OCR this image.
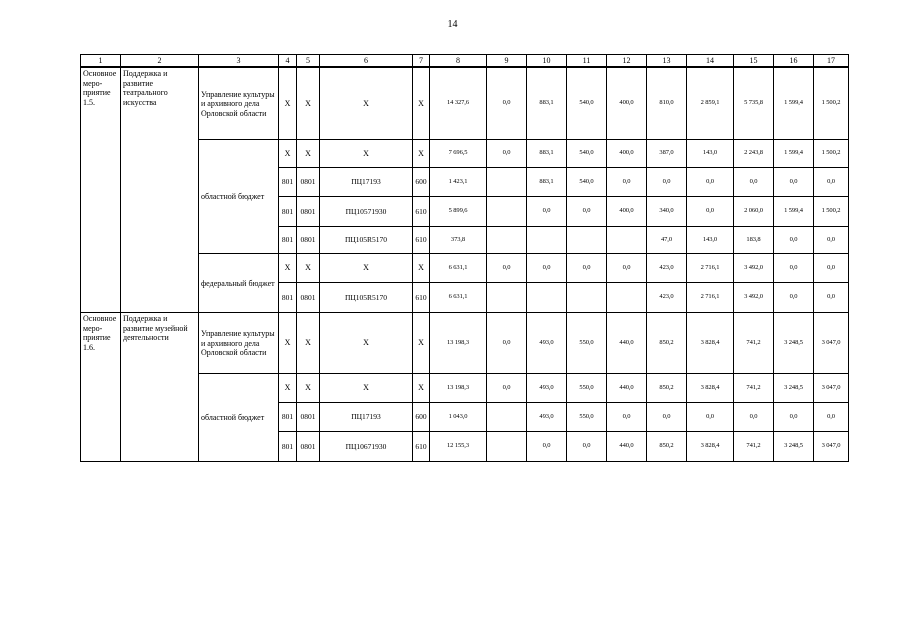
14
1	2	3	4	5	6	7	8	9	10	11	12	13	14	15	16	17
Основное меро-приятие 1.5.	Поддержка и развитие театрального искусства	Управление культуры и архивного дела Орловской области	Х	Х	Х	Х	14 327,6	0,0	883,1	540,0	400,0	810,0	2 859,1	5 735,8	1 599,4	1 500,2
		областной бюджет	Х	Х	Х	Х	7 696,5	0,0	883,1	540,0	400,0	387,0	143,0	2 243,8	1 599,4	1 500,2
			801	0801	ПЦ17193	600	1 423,1		883,1	540,0	0,0	0,0	0,0	0,0	0,0	0,0
			801	0801	ПЦ10571930	610	5 899,6		0,0	0,0	400,0	340,0	0,0	2 060,0	1 599,4	1 500,2
			801	0801	ПЦ105R5170	610	373,8					47,0	143,0	183,8	0,0	0,0
		федеральный бюджет	Х	Х	Х	Х	6 631,1	0,0	0,0	0,0	0,0	423,0	2 716,1	3 492,0	0,0	0,0
			801	0801	ПЦ105R5170	610	6 631,1					423,0	2 716,1	3 492,0	0,0	0,0
Основное меро-приятие 1.6.	Поддержка и развитие музейной деятельности	Управление культуры и архивного дела Орловской области	Х	Х	Х	Х	13 198,3	0,0	493,0	550,0	440,0	850,2	3 828,4	741,2	3 248,5	3 047,0
		областной бюджет	Х	Х	Х	Х	13 198,3	0,0	493,0	550,0	440,0	850,2	3 828,4	741,2	3 248,5	3 047,0
			801	0801	ПЦ17193	600	1 043,0		493,0	550,0	0,0	0,0	0,0	0,0	0,0	0,0
			801	0801	ПЦ10671930	610	12 155,3		0,0	0,0	440,0	850,2	3 828,4	741,2	3 248,5	3 047,0
